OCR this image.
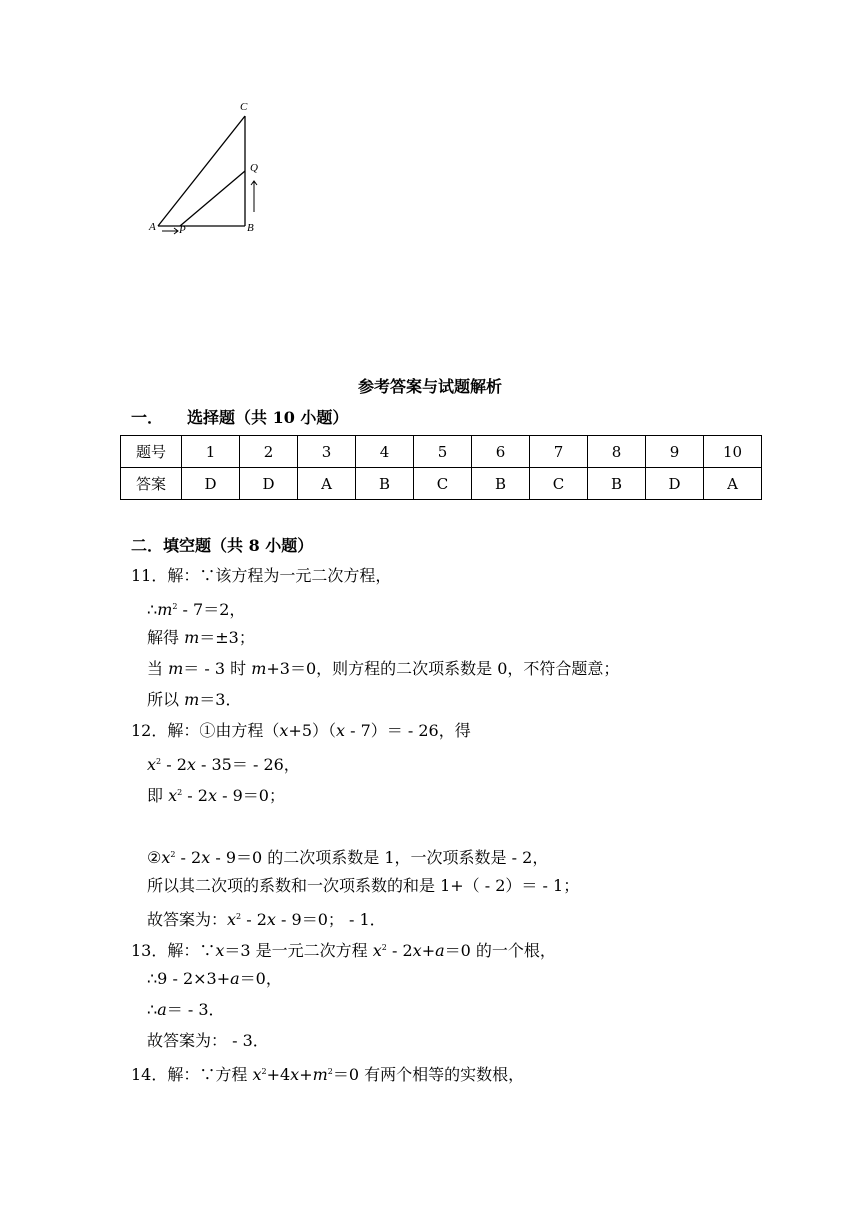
C
Q
A P	B
参考答案与试题解析
一．　　选择题（共 10 小题）
题号	1	2	3	4	5	6	7	8	9	10
答案	D	D	A	B	C	B	C	B	D	A
二．填空题（共 8 小题）
11．解：∵该方程为一元二次方程，
$\therefore m^2 - 7=2$，
解得 m＝±3；
当 m＝ - 3 时 m+3＝0，则方程的二次项系数是 0，不符合题意；
所以 m＝3．
12．解：①由方程（x+5）（x - 7）＝ - 26，得
$x^2 - 2x - 35= - 26$，
即 $x^2 - 2x - 9=0$；
$②x^2 - 2x - 9=0$ 的二次项系数是 1，一次项系数是 - 2，
所以其二次项的系数和一次项系数的和是 1+（ - 2）＝ - 1；
故答案为：$x^2 - 2x - 9=0$； - 1．
13．解：∵x＝3 是一元二次方程 $x^2 - 2x+a=0$ 的一个根，
∴9 - 2×3+a＝0，
∴a＝ - 3．
故答案为： - 3．
14．解：∵方程 $x^2+4x+m^2=0$ 有两个相等的实数根，
